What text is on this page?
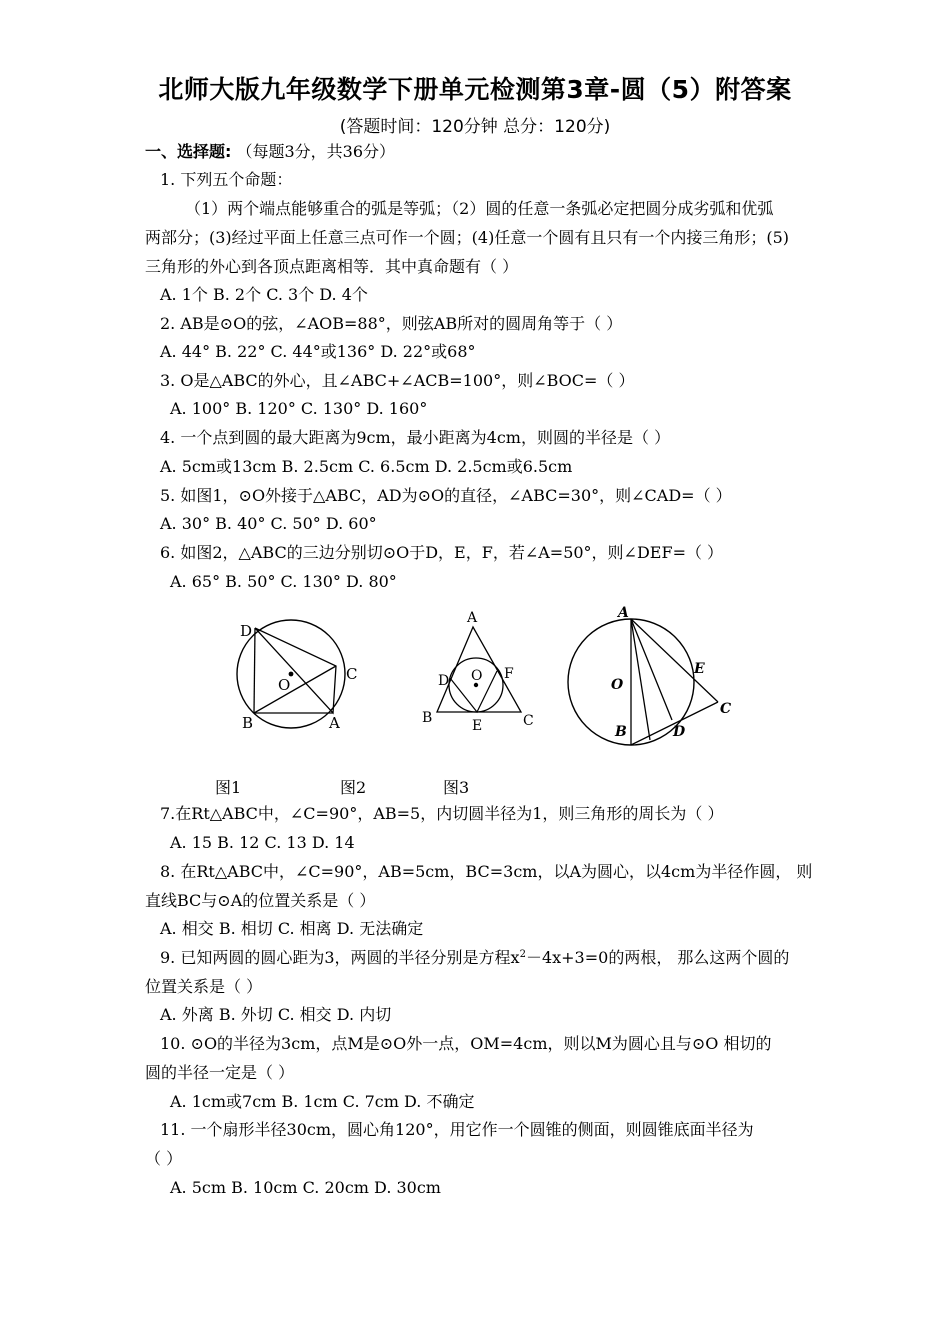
北师大版九年级数学下册单元检测第3章-圆（5）附答案
(答题时间：120分钟 总分：120分)
一、选择题: （每题3分，共36分）
1. 下列五个命题：
（1）两个端点能够重合的弧是等弧；（2）圆的任意一条弧必定把圆分成劣弧和优弧
两部分；(3)经过平面上任意三点可作一个圆；(4)任意一个圆有且只有一个内接三角形；(5)
三角形的外心到各顶点距离相等．其中真命题有（ ）
A. 1个 B. 2个 C. 3个 D. 4个
2. AB是⊙O的弦，∠AOB=88°，则弦AB所对的圆周角等于（ ）
A. 44° B. 22° C. 44°或136° D. 22°或68°
3. O是△ABC的外心，且∠ABC+∠ACB=100°，则∠BOC=（ ）
A. 100° B. 120° C. 130° D. 160°
4. 一个点到圆的最大距离为9cm，最小距离为4cm，则圆的半径是（ ）
A. 5cm或13cm B. 2.5cm C. 6.5cm D. 2.5cm或6.5cm
5. 如图1，⊙O外接于△ABC，AD为⊙O的直径，∠ABC=30°，则∠CAD=（ ）
A. 30° B. 40° C. 50° D. 60°
6. 如图2，△ABC的三边分别切⊙O于D，E，F，若∠A=50°，则∠DEF=（ ）
A. 65° B. 50° C. 130° D. 80°
D
C
O
B	A
A
D O F
B	E	C
A
E
O
C
B	D
图1	图2	图3
7.在Rt△ABC中，∠C=90°，AB=5，内切圆半径为1，则三角形的周长为（ ）
A. 15 B. 12 C. 13 D. 14
8. 在Rt△ABC中，∠C=90°，AB=5cm，BC=3cm，以A为圆心，以4cm为半径作圆， 则
直线BC与⊙A的位置关系是（ ）
A. 相交 B. 相切 C. 相离 D. 无法确定
9. 已知两圆的圆心距为3，两圆的半径分别是方程$x^2-4x+3=0$的两根， 那么这两个圆的
位置关系是（ ）
A. 外离 B. 外切 C. 相交 D. 内切
10. ⊙O的半径为3cm，点M是⊙O外一点，OM=4cm，则以M为圆心且与⊙O 相切的
圆的半径一定是（ ）
A. 1cm或7cm B. 1cm C. 7cm D. 不确定
11. 一个扇形半径30cm，圆心角120°，用它作一个圆锥的侧面，则圆锥底面半径为
（ ）
A. 5cm B. 10cm C. 20cm D. 30cm
